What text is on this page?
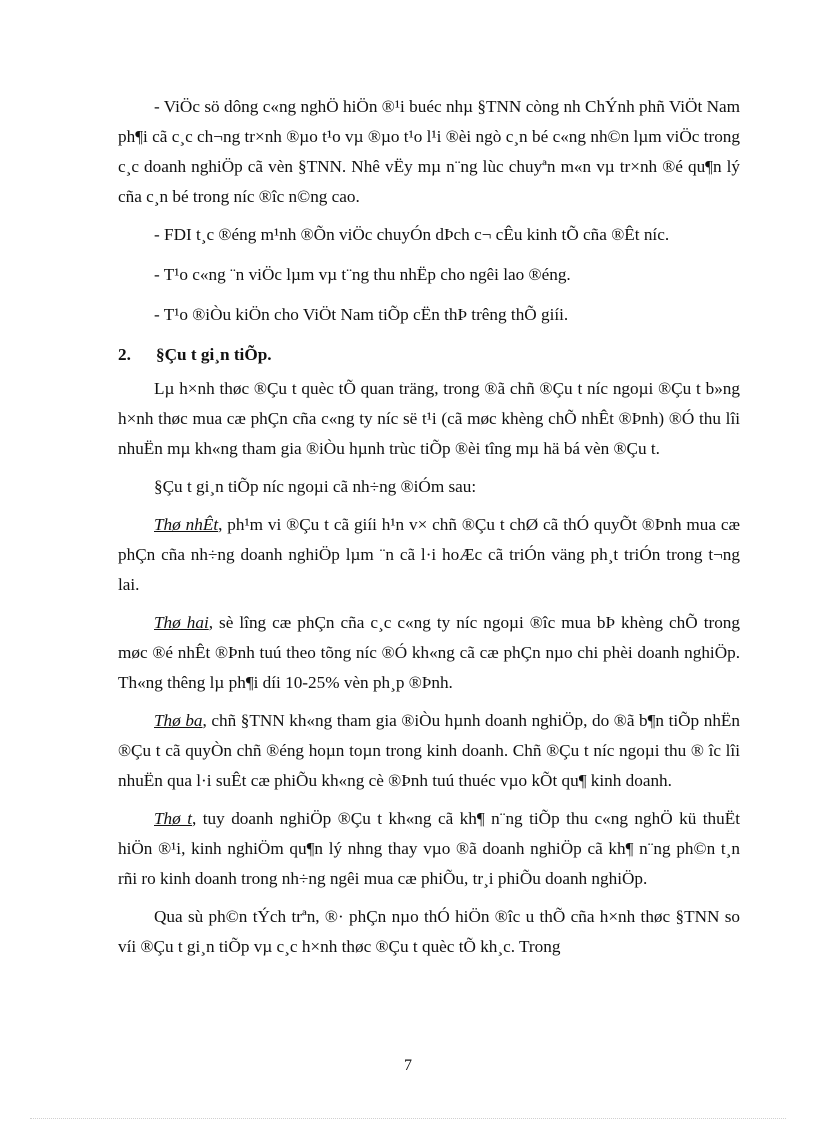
- ViÖc sö dông c«ng nghÖ hiÖn ®¹i buéc nhµ §TNN còng nh ChÝnh phñ ViÖt Nam ph¶i cã c¸c ch¬ng tr×nh ®µo t¹o vµ ®µo t¹o l¹i ®èi ngò c¸n bé c«ng nh©n lµm viÖc trong c¸c doanh nghiÖp cã vèn §TNN. Nhê vËy mµ n¨ng lùc chuyªn m«n vµ tr×nh ®é qu¶n lý cña c¸n bé trong níc ®îc n©ng cao.

- FDI t¸c ®éng m¹nh ®Õn viÖc chuyÓn dÞch c¬ cÊu kinh tÕ cña ®Êt níc.

- T¹o c«ng ¨n viÖc lµm vµ t¨ng thu nhËp cho ngêi lao ®éng.

- T¹o ®iÒu kiÖn cho ViÖt Nam tiÕp cËn thÞ trêng thÕ giíi.

2. §Çu t gi¸n tiÕp.

Lµ h×nh thøc ®Çu t quèc tÕ quan träng, trong ®ã chñ ®Çu t níc ngoµi ®Çu t b»ng h×nh thøc mua cæ phÇn cña c«ng ty níc së t¹i (cã møc khèng chÕ nhÊt ®Þnh) ®Ó thu lîi nhuËn mµ kh«ng tham gia ®iÒu hµnh trùc tiÕp ®èi tîng mµ hä bá vèn ®Çu t.

§Çu t gi¸n tiÕp níc ngoµi cã nh÷ng ®iÓm sau:

Thø nhÊt, ph¹m vi ®Çu t cã giíi h¹n v× chñ ®Çu t chØ cã thÓ quyÕt ®Þnh mua cæ phÇn cña nh÷ng doanh nghiÖp lµm ¨n cã l·i hoÆc cã triÓn väng ph¸t triÓn trong t¬ng lai.

Thø hai, sè lîng cæ phÇn cña c¸c c«ng ty níc ngoµi ®îc mua bÞ khèng chÕ trong møc ®é nhÊt ®Þnh tuú theo tõng níc ®Ó kh«ng cã cæ phÇn nµo chi phèi doanh nghiÖp. Th«ng thêng lµ ph¶i díi 10-25% vèn ph¸p ®Þnh.

Thø ba, chñ §TNN kh«ng tham gia ®iÒu hµnh doanh nghiÖp, do ®ã b¶n tiÕp nhËn ®Çu t cã quyÒn chñ ®éng hoµn toµn trong kinh doanh. Chñ ®Çu t níc ngoµi thu ® îc lîi nhuËn qua l·i suÊt cæ phiÕu kh«ng cè ®Þnh tuú thuéc vµo kÕt qu¶ kinh doanh.

Thø t, tuy doanh nghiÖp ®Çu t kh«ng cã kh¶ n¨ng tiÕp thu c«ng nghÖ kü thuËt hiÖn ®¹i, kinh nghiÖm qu¶n lý nhng thay vµo ®ã doanh nghiÖp cã kh¶ n¨ng ph©n t¸n rñi ro kinh doanh trong nh÷ng ngêi mua cæ phiÕu, tr¸i phiÕu doanh nghiÖp.

Qua sù ph©n tÝch trªn, ®· phÇn nµo thÓ hiÖn ®îc u thÕ cña h×nh thøc §TNN so víi ®Çu t gi¸n tiÕp vµ c¸c h×nh thøc ®Çu t quèc tÕ kh¸c. Trong

7
